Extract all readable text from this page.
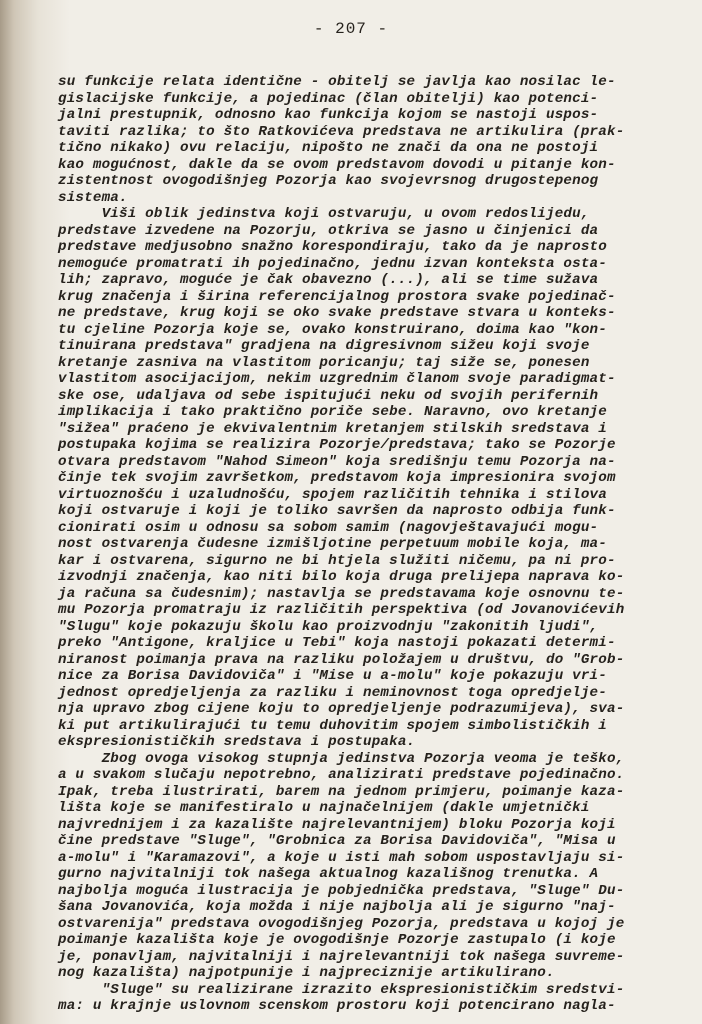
- 207 -
su funkcije relata identične - obitelj se javlja kao nosilac le-
gislacijske funkcije, a pojedinac (član obitelji) kao potenci-
jalni prestupnik, odnosno kao funkcija kojom se nastoji uspos-
taviti razlika; to što Ratkovićeva predstava ne artikulira (prak-
tično nikako) ovu relaciju, nipošto ne znači da ona ne postoji
kao mogućnost, dakle da se ovom predstavom dovodi u pitanje kon-
zistentnost ovogodišnjeg Pozorja kao svojevrsnog drugostepenog
sistema.
Viši oblik jedinstva koji ostvaruju, u ovom redoslijedu,
predstave izvedene na Pozorju, otkriva se jasno u činjenici da
predstave medjusobno snažno korespondiraju, tako da je naprosto
nemoguće promatrati ih pojedinačno, jednu izvan konteksta osta-
lih; zapravo, moguće je čak obavezno (...), ali se time sužava
krug značenja i širina referencijalnog prostora svake pojedinač-
ne predstave, krug koji se oko svake predstave stvara u konteks-
tu cjeline Pozorja koje se, ovako konstruirano, doima kao "kon-
tinuirana predstava" gradjena na digresivnom sižeu koji svoje
kretanje zasniva na vlastitom poricanju; taj siže se, ponesen
vlastitom asocijacijom, nekim uzgrednim članom svoje paradigmat-
ske ose, udaljava od sebe ispitujući neku od svojih perifernih
implikacija i tako praktično poriče sebe. Naravno, ovo kretanje
"sižea" praćeno je ekvivalentnim kretanjem stilskih sredstava i
postupaka kojima se realizira Pozorje/predstava; tako se Pozorje
otvara predstavom "Nahod Simeon" koja središnju temu Pozorja na-
činje tek svojim završetkom, predstavom koja impresionira svojom
virtuoznošću i uzaludnošću, spojem različitih tehnika i stilova
koji ostvaruje i koji je toliko savršen da naprosto odbija funk-
cionirati osim u odnosu sa sobom samim (nagovještavajući mogu-
nost ostvarenja čudesne izmišljotine perpetuum mobile koja, ma-
kar i ostvarena, sigurno ne bi htjela služiti ničemu, pa ni pro-
izvodnji značenja, kao niti bilo koja druga prelijepa naprava ko-
ja računa sa čudesnim); nastavlja se predstavama koje osnovnu te-
mu Pozorja promatraju iz različitih perspektiva (od Jovanovićevih
"Slugu" koje pokazuju školu kao proizvodnju "zakonitih ljudi",
preko "Antigone, kraljice u Tebi" koja nastoji pokazati determi-
niranost poimanja prava na razliku položajem u društvu, do "Grob-
nice za Borisa Davidoviča" i "Mise u a-molu" koje pokazuju vri-
jednost opredjeljenja za razliku i neminovnost toga opredjelje-
nja upravo zbog cijene koju to opredjeljenje podrazumijeva), sva-
ki put artikulirajući tu temu duhovitim spojem simbolističkih i
ekspresionističkih sredstava i postupaka.
Zbog ovoga visokog stupnja jedinstva Pozorja veoma je teško,
a u svakom slučaju nepotrebno, analizirati predstave pojedinačno.
Ipak, treba ilustrirati, barem na jednom primjeru, poimanje kaza-
lišta koje se manifestiralo u najnačelnijem (dakle umjetnički
najvrednijem i za kazalište najrelevantnijem) bloku Pozorja koji
čine predstave "Sluge", "Grobnica za Borisa Davidoviča", "Misa u
a-molu" i "Karamazovi", a koje u isti mah sobom uspostavljaju si-
gurno najvitalniji tok našega aktualnog kazališnog trenutka. A
najbolja moguća ilustracija je pobjednička predstava, "Sluge" Du-
šana Jovanovića, koja možda i nije najbolja ali je sigurno "naj-
ostvarenija" predstava ovogodišnjeg Pozorja, predstava u kojoj je
poimanje kazališta koje je ovogodišnje Pozorje zastupalo (i koje
je, ponavljam, najvitalniji i najrelevantniji tok našega suvreme-
nog kazališta) najpotpunije i najpreciznije artikulirano.
"Sluge" su realizirane izrazito ekspresionističkim sredstvi-
ma: u krajnje uslovnom scenskom prostoru koji potencirano nagla-
